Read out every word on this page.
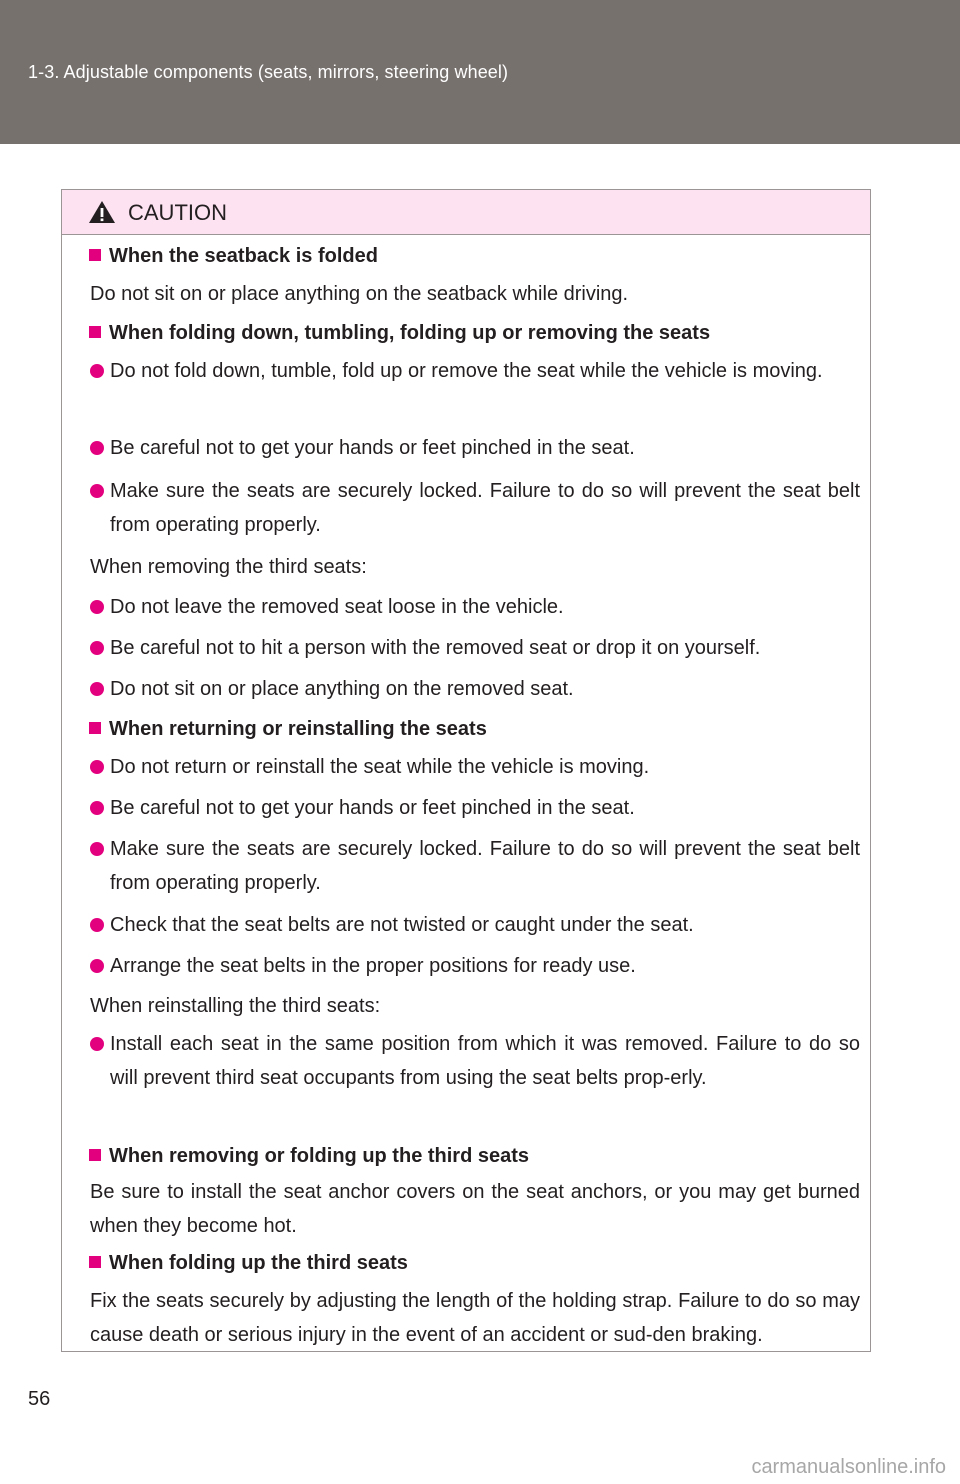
1-3. Adjustable components (seats, mirrors, steering wheel)
CAUTION
When the seatback is folded
Do not sit on or place anything on the seatback while driving.
When folding down, tumbling, folding up or removing the seats
Do not fold down, tumble, fold up or remove the seat while the vehicle is moving.
Be careful not to get your hands or feet pinched in the seat.
Make sure the seats are securely locked. Failure to do so will prevent the seat belt from operating properly.
When removing the third seats:
Do not leave the removed seat loose in the vehicle.
Be careful not to hit a person with the removed seat or drop it on yourself.
Do not sit on or place anything on the removed seat.
When returning or reinstalling the seats
Do not return or reinstall the seat while the vehicle is moving.
Be careful not to get your hands or feet pinched in the seat.
Make sure the seats are securely locked. Failure to do so will prevent the seat belt from operating properly.
Check that the seat belts are not twisted or caught under the seat.
Arrange the seat belts in the proper positions for ready use.
When reinstalling the third seats:
Install each seat in the same position from which it was removed. Failure to do so will prevent third seat occupants from using the seat belts prop-erly.
When removing or folding up the third seats
Be sure to install the seat anchor covers on the seat anchors, or you may get burned when they become hot.
When folding up the third seats
Fix the seats securely by adjusting the length of the holding strap. Failure to do so may cause death or serious injury in the event of an accident or sud-den braking.
56
carmanualsonline.info
